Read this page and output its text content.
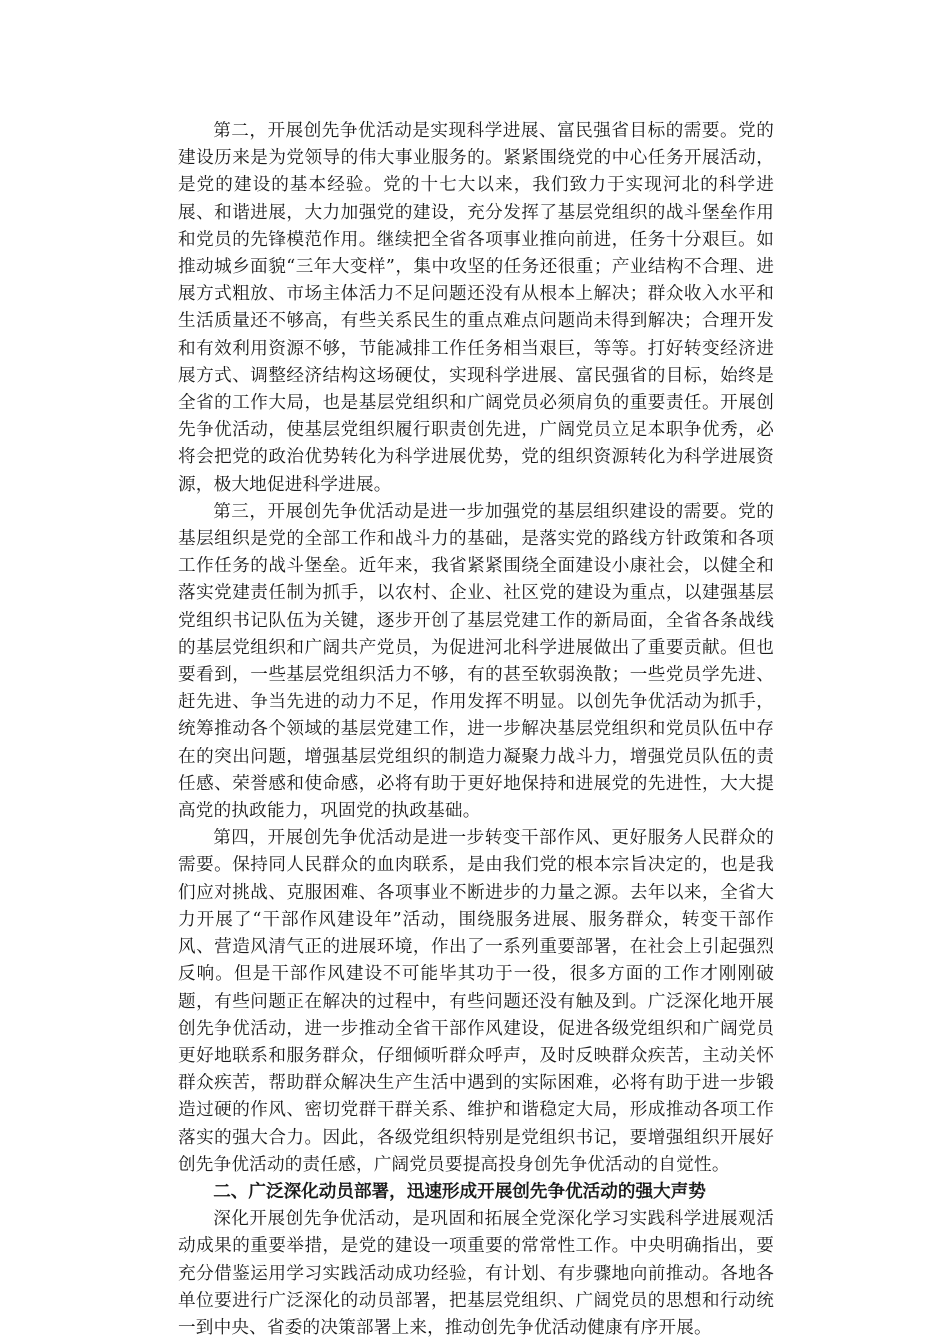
第二，开展创先争优活动是实现科学进展、富民强省目标的需要。党的建设历来是为党领导的伟大事业服务的。紧紧围绕党的中心任务开展活动，是党的建设的基本经验。党的十七大以来，我们致力于实现河北的科学进展、和谐进展，大力加强党的建设，充分发挥了基层党组织的战斗堡垒作用和党员的先锋模范作用。继续把全省各项事业推向前进，任务十分艰巨。如推动城乡面貌“三年大变样”，集中攻坚的任务还很重；产业结构不合理、进展方式粗放、市场主体活力不足问题还没有从根本上解决；群众收入水平和生活质量还不够高，有些关系民生的重点难点问题尚未得到解决；合理开发和有效利用资源不够，节能减排工作任务相当艰巨，等等。打好转变经济进展方式、调整经济结构这场硬仗，实现科学进展、富民强省的目标，始终是全省的工作大局，也是基层党组织和广阔党员必须肩负的重要责任。开展创先争优活动，使基层党组织履行职责创先进，广阔党员立足本职争优秀，必将会把党的政治优势转化为科学进展优势，党的组织资源转化为科学进展资源，极大地促进科学进展。

第三，开展创先争优活动是进一步加强党的基层组织建设的需要。党的基层组织是党的全部工作和战斗力的基础，是落实党的路线方针政策和各项工作任务的战斗堡垒。近年来，我省紧紧围绕全面建设小康社会，以健全和落实党建责任制为抓手，以农村、企业、社区党的建设为重点，以建强基层党组织书记队伍为关键，逐步开创了基层党建工作的新局面，全省各条战线的基层党组织和广阔共产党员，为促进河北科学进展做出了重要贡献。但也要看到，一些基层党组织活力不够，有的甚至软弱涣散；一些党员学先进、赶先进、争当先进的动力不足，作用发挥不明显。以创先争优活动为抓手，统筹推动各个领域的基层党建工作，进一步解决基层党组织和党员队伍中存在的突出问题，增强基层党组织的制造力凝聚力战斗力，增强党员队伍的责任感、荣誉感和使命感，必将有助于更好地保持和进展党的先进性，大大提高党的执政能力，巩固党的执政基础。

第四，开展创先争优活动是进一步转变干部作风、更好服务人民群众的需要。保持同人民群众的血肉联系，是由我们党的根本宗旨决定的，也是我们应对挑战、克服困难、各项事业不断进步的力量之源。去年以来，全省大力开展了“干部作风建设年”活动，围绕服务进展、服务群众，转变干部作风、营造风清气正的进展环境，作出了一系列重要部署，在社会上引起强烈反响。但是干部作风建设不可能毕其功于一役，很多方面的工作才刚刚破题，有些问题正在解决的过程中，有些问题还没有触及到。广泛深化地开展创先争优活动，进一步推动全省干部作风建设，促进各级党组织和广阔党员更好地联系和服务群众，仔细倾听群众呼声，及时反映群众疾苦，主动关怀群众疾苦，帮助群众解决生产生活中遇到的实际困难，必将有助于进一步锻造过硬的作风、密切党群干群关系、维护和谐稳定大局，形成推动各项工作落实的强大合力。因此，各级党组织特别是党组织书记，要增强组织开展好创先争优活动的责任感，广阔党员要提高投身创先争优活动的自觉性。

二、广泛深化动员部署，迅速形成开展创先争优活动的强大声势

深化开展创先争优活动，是巩固和拓展全党深化学习实践科学进展观活动成果的重要举措，是党的建设一项重要的常常性工作。中央明确指出，要充分借鉴运用学习实践活动成功经验，有计划、有步骤地向前推动。各地各单位要进行广泛深化的动员部署，把基层党组织、广阔党员的思想和行动统一到中央、省委的决策部署上来，推动创先争优活动健康有序开展。
